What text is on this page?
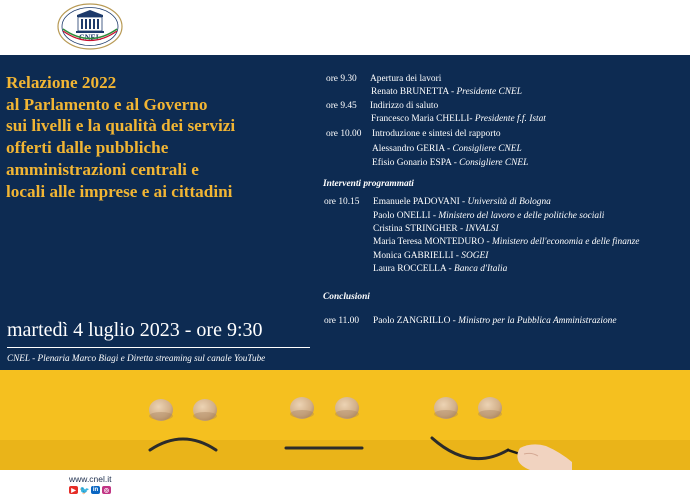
CNEL
Relazione 2022
al Parlamento e al Governo
sui livelli e la qualità dei servizi
offerti dalle pubbliche
amministrazioni centrali e
locali alle imprese e ai cittadini
martedì 4 luglio 2023 - ore 9:30
CNEL - Plenaria Marco Biagi e Diretta streaming sul canale YouTube
ore 9.30 Apertura dei lavori
Renato BRUNETTA - Presidente CNEL
ore 9.45 Indirizzo di saluto
Francesco Maria CHELLI- Presidente f.f. Istat
ore 10.00 Introduzione e sintesi del rapporto
Alessandro GERIA - Consigliere CNEL
Efisio Gonario ESPA - Consigliere CNEL
Interventi programmati
ore 10.15 Emanuele PADOVANI - Università di Bologna
Paolo ONELLI - Ministero del lavoro e delle politiche sociali
Cristina STRINGHER - INVALSI
Maria Teresa MONTEDURO - Ministero dell'economia e delle finanze
Monica GABRIELLI - SOGEI
Laura ROCCELLA - Banca d'Italia
Conclusioni
ore 11.00 Paolo ZANGRILLO - Ministro per la Pubblica Amministrazione
www.cnel.it
▶ 🐦 in ◎
